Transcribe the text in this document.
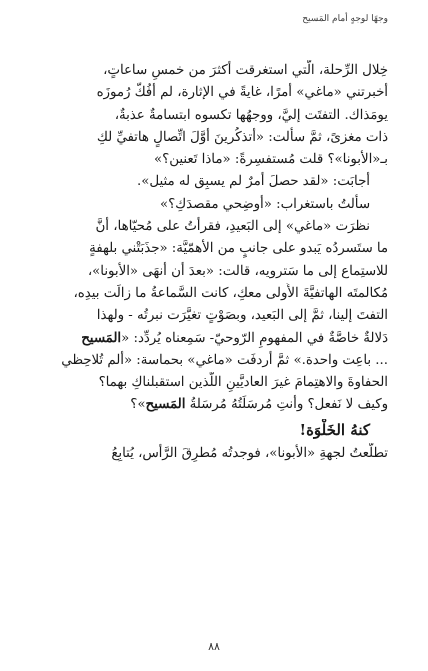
وجهًا لوجهٍ أمام المَسيح

خِلال الرِّحلة، الَّتي استغرقت أكثرَ من خمسِ ساعاتٍ،

أخبرتني «ماغي» أمرًا، غايةً في الإثارة، لم أفُكَّ رُموزَه

يومَذاك. التفتَت إليَّ، ووجهُها تكسوه ابتسامةٌ عذبةٌ،

ذات مغزىً، ثمَّ سألت: «أتذكُرينَ أوَّلَ اتِّصالٍ هاتفيِّ لكِ

بـ«الأبونا»؟ قلت مُستفسِرةً: «ماذا تَعنين؟»

أجابَت: «لقد حصلَ أمرٌ لم يسبِق له مثيل».

سألتُ باستغراب: «أوضِحي مقصدَكِ؟»

نظرَت «ماغي» إلى البَعيدِ، فقرأتُ على مُحيّاها، أنَّ

ما ستَسردُه يَبدو على جانبٍ من الأهمّيَّة: «جذَبَتْني بلهفةٍ

للاستِماع إلى ما سَترويه، قالت: «بعدَ أن أنهَى «الأبونا»،

مُكالمتَه الهاتفيَّةَ الأُولى معكِ، كانت السَّماعةُ ما زالَت بيدِه،

التفتَ إلينا، ثمَّ إلى البَعيد، وبصَوْتٍ تغيَّرَت نبرتُه - ولهذا

دَلالةٌ خاصَّةٌ في المفهومِ الرّوحيّ- سَمِعناه يُردِّد: «المَسيح

... باعِت واحدة.» ثمَّ أردفَت «ماغي» بحماسة: «ألم تُلاحِظي

الحفاوةَ والاهتِمامَ غيرَ العاديَّينِ اللَّذين استقبلناكِ بهما؟

وكيف لا نَفعل؟ وأنتِ مُرسَلَتُهُ مُرسَلةُ المَسيح»؟

كنهُ الخَلْوَة!

تطلَّعتُ لجهةِ «الأبونا»، فوجدتُه مُطرِقَ الرَّأس، يُتابِعُ

٨٨
